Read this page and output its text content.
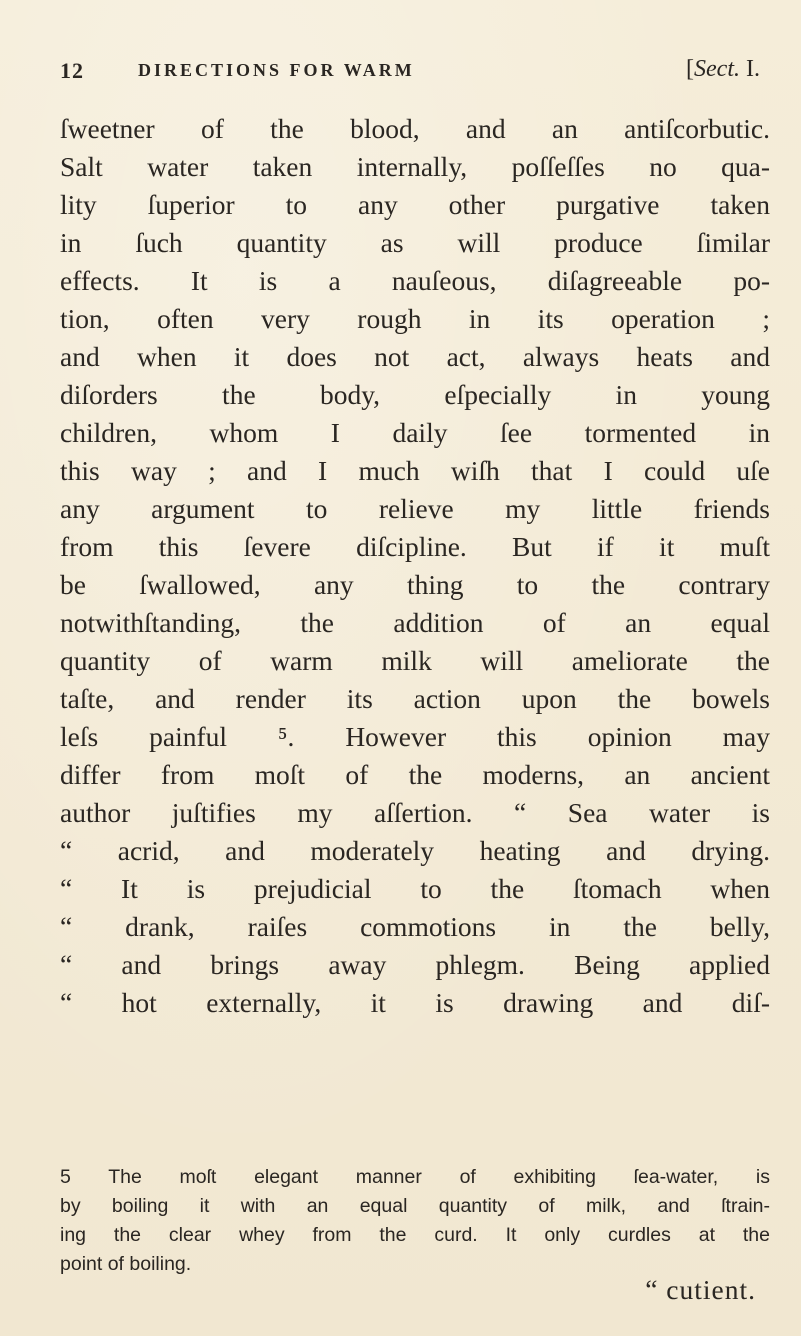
12	DIRECTIONS FOR WARM	[Sect. I.
ſweetner of the blood, and an antiſcorbutic.
Salt water taken internally, poſſeſſes no qua-
lity ſuperior to any other purgative taken
in ſuch quantity as will produce ſimilar
effects. It is a nauſeous, diſagreeable po-
tion, often very rough in its operation ;
and when it does not act, always heats and
diſorders the body, eſpecially in young
children, whom I daily ſee tormented in
this way ; and I much wiſh that I could uſe
any argument to relieve my little friends
from this ſevere diſcipline. But if it muſt
be ſwallowed, any thing to the contrary
notwithſtanding, the addition of an equal
quantity of warm milk will ameliorate the
taſte, and render its action upon the bowels
leſs painful ⁵. However this opinion may
differ from moſt of the moderns, an ancient
author juſtifies my aſſertion. “ Sea water is
“ acrid, and moderately heating and drying.
“ It is prejudicial to the ſtomach when
“ drank, raiſes commotions in the belly,
“ and brings away phlegm. Being applied
“ hot externally, it is drawing and diſ-
5 The moſt elegant manner of exhibiting ſea-water, is
by boiling it with an equal quantity of milk, and ſtrain-
ing the clear whey from the curd. It only curdles at the
point of boiling.
“ cutient.
